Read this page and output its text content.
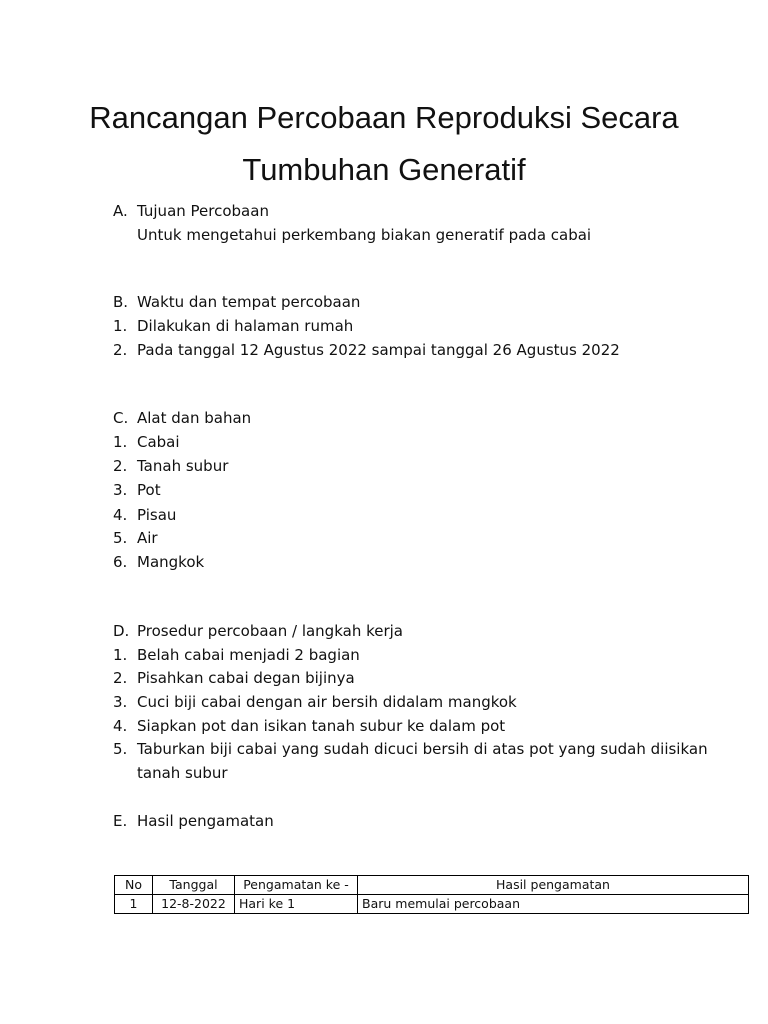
Rancangan Percobaan Reproduksi Secara
Tumbuhan Generatif
A. Tujuan Percobaan
Untuk mengetahui perkembang biakan generatif pada cabai
B. Waktu dan tempat percobaan
1. Dilakukan di halaman rumah
2. Pada tanggal 12 Agustus 2022 sampai tanggal 26 Agustus 2022
C. Alat dan bahan
1. Cabai
2. Tanah subur
3. Pot
4. Pisau
5. Air
6. Mangkok
D. Prosedur percobaan / langkah kerja
1. Belah cabai menjadi 2 bagian
2. Pisahkan cabai degan bijinya
3. Cuci biji cabai dengan air bersih didalam mangkok
4. Siapkan pot dan isikan tanah subur ke dalam pot
5. Taburkan biji cabai yang sudah dicuci bersih di atas pot yang sudah diisikan
tanah subur
E. Hasil pengamatan
No	Tanggal	Pengamatan ke -	Hasil pengamatan
1	12-8-2022	Hari ke 1	Baru memulai percobaan
